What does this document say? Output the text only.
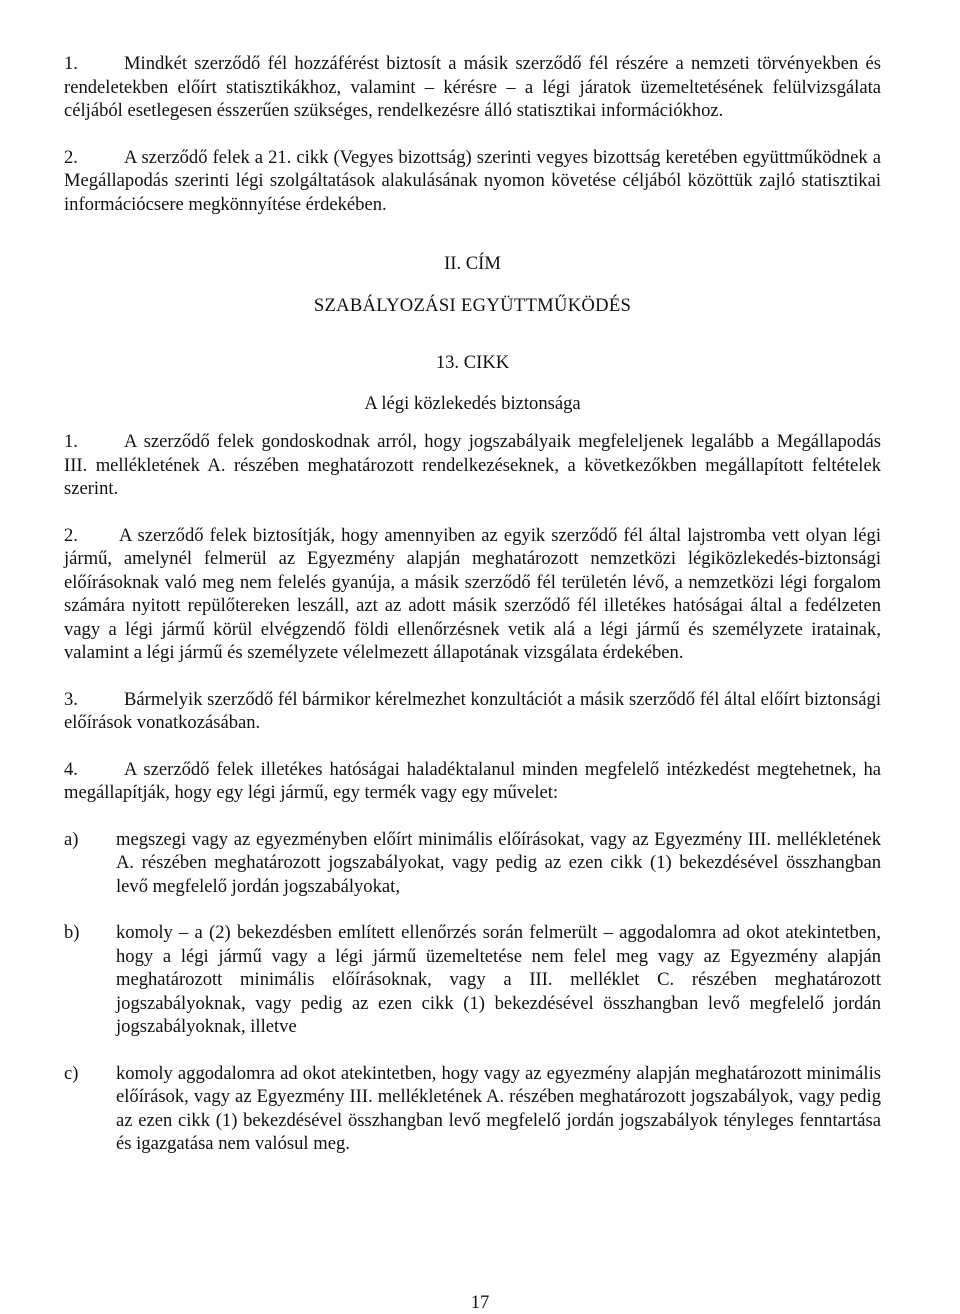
1. Mindkét szerződő fél hozzáférést biztosít a másik szerződő fél részére a nemzeti törvényekben és rendeletekben előírt statisztikákhoz, valamint – kérésre – a légi járatok üzemeltetésének felülvizsgálata céljából esetlegesen ésszerűen szükséges, rendelkezésre álló statisztikai információkhoz.

2. A szerződő felek a 21. cikk (Vegyes bizottság) szerinti vegyes bizottság keretében együttműködnek a Megállapodás szerinti légi szolgáltatások alakulásának nyomon követése céljából közöttük zajló statisztikai információcsere megkönnyítése érdekében.

II. CÍM

SZABÁLYOZÁSI EGYÜTTMŰKÖDÉS

13. CIKK

A légi közlekedés biztonsága

1. A szerződő felek gondoskodnak arról, hogy jogszabályaik megfeleljenek legalább a Megállapodás III. mellékletének A. részében meghatározott rendelkezéseknek, a következőkben megállapított feltételek szerint.

2. A szerződő felek biztosítják, hogy amennyiben az egyik szerződő fél által lajstromba vett olyan légi jármű, amelynél felmerül az Egyezmény alapján meghatározott nemzetközi légiközlekedés-biztonsági előírásoknak való meg nem felelés gyanúja, a másik szerződő fél területén lévő, a nemzetközi légi forgalom számára nyitott repülőtereken leszáll, azt az adott másik szerződő fél illetékes hatóságai által a fedélzeten vagy a légi jármű körül elvégzendő földi ellenőrzésnek vetik alá a légi jármű és személyzete iratainak, valamint a légi jármű és személyzete vélelmezett állapotának vizsgálata érdekében.

3. Bármelyik szerződő fél bármikor kérelmezhet konzultációt a másik szerződő fél által előírt biztonsági előírások vonatkozásában.

4. A szerződő felek illetékes hatóságai haladéktalanul minden megfelelő intézkedést megtehetnek, ha megállapítják, hogy egy légi jármű, egy termék vagy egy művelet:

a)	megszegi vagy az egyezményben előírt minimális előírásokat, vagy az Egyezmény III. mellékletének A. részében meghatározott jogszabályokat, vagy pedig az ezen cikk (1) bekezdésével összhangban levő megfelelő jordán jogszabályokat,
b)	komoly – a (2) bekezdésben említett ellenőrzés során felmerült – aggodalomra ad okot atekintetben, hogy a légi jármű vagy a légi jármű üzemeltetése nem felel meg vagy az Egyezmény alapján meghatározott minimális előírásoknak, vagy a III. melléklet C. részében meghatározott jogszabályoknak, vagy pedig az ezen cikk (1) bekezdésével összhangban levő megfelelő jordán jogszabályoknak, illetve
c)	komoly aggodalomra ad okot atekintetben, hogy vagy az egyezmény alapján meghatározott minimális előírások, vagy az Egyezmény III. mellékletének A. részében meghatározott jogszabályok, vagy pedig az ezen cikk (1) bekezdésével összhangban levő megfelelő jordán jogszabályok tényleges fenntartása és igazgatása nem valósul meg.
17
